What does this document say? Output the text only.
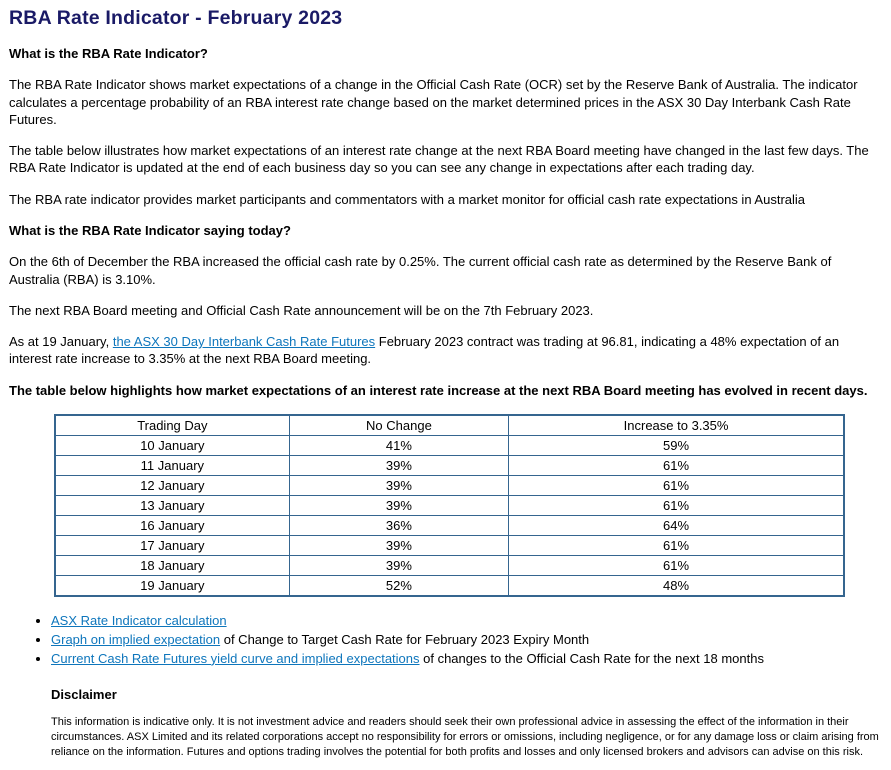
RBA Rate Indicator - February 2023

What is the RBA Rate Indicator?

The RBA Rate Indicator shows market expectations of a change in the Official Cash Rate (OCR) set by the Reserve Bank of Australia. The indicator calculates a percentage probability of an RBA interest rate change based on the market determined prices in the ASX 30 Day Interbank Cash Rate Futures.

The table below illustrates how market expectations of an interest rate change at the next RBA Board meeting have changed in the last few days. The RBA Rate Indicator is updated at the end of each business day so you can see any change in expectations after each trading day.

The RBA rate indicator provides market participants and commentators with a market monitor for official cash rate expectations in Australia

What is the RBA Rate Indicator saying today?

On the 6th of December the RBA increased the official cash rate by 0.25%. The current official cash rate as determined by the Reserve Bank of Australia (RBA) is 3.10%.

The next RBA Board meeting and Official Cash Rate announcement will be on the 7th February 2023.

As at 19 January, the ASX 30 Day Interbank Cash Rate Futures February 2023 contract was trading at 96.81, indicating a 48% expectation of an interest rate increase to 3.35% at the next RBA Board meeting.

The table below highlights how market expectations of an interest rate increase at the next RBA Board meeting has evolved in recent days.

Trading Day	No Change	Increase to 3.35%
10 January	41%	59%
11 January	39%	61%
12 January	39%	61%
13 January	39%	61%
16 January	36%	64%
17 January	39%	61%
18 January	39%	61%
19 January	52%	48%
• ASX Rate Indicator calculation
• Graph on implied expectation of Change to Target Cash Rate for February 2023 Expiry Month
• Current Cash Rate Futures yield curve and implied expectations of changes to the Official Cash Rate for the next 18 months

Disclaimer

This information is indicative only. It is not investment advice and readers should seek their own professional advice in assessing the effect of the information in their circumstances. ASX Limited and its related corporations accept no responsibility for errors or omissions, including negligence, or for any damage loss or claim arising from reliance on the information. Futures and options trading involves the potential for both profits and losses and only licensed brokers and advisors can advise on this risk.
